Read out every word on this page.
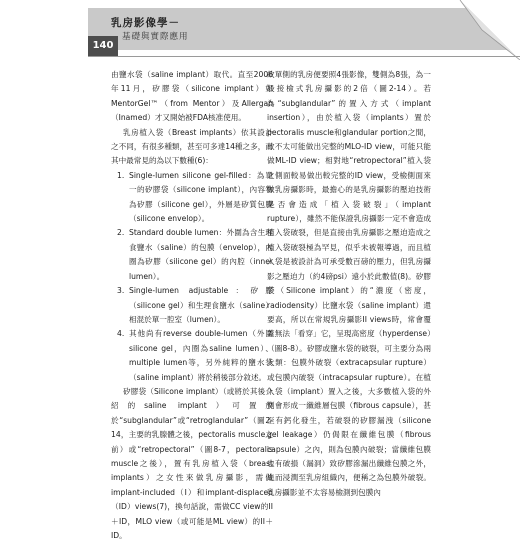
乳房影像學－
基礎與實際應用
140

由鹽水袋（saline implant）取代。直至2006年11月，矽膠袋（silicone implant）如MentorGel™（from Mentor）及Allergan（Inamed）才又開始被FDA核准使用。

乳房植入袋（Breast implants）依其設計之不同，有很多種類，甚至可多達14種之多，而其中最常見的為以下數種(6)：

1. Single-lumen silicone gel-filled：為單一的矽膠袋（silicone implant），內容物為矽膠（silicone gel），外層是矽質包膜（silicone envelop）。
2. Standard double lumen：外圍為含生理食鹽水（saline）的包膜（envelop），內圈為矽膠（silicone gel）的內腔（inner lumen）。
3. Single-lumen adjustable：矽膠（silicone gel）和生理食鹽水（saline）相混於單一腔室（lumen）。
4. 其他尚有reverse double-lumen（外圍silicone gel，內圈為saline lumen）、multiple lumen等，另外純粹的鹽水袋（saline implant）將於稍後部分敘述。

矽膠袋（Silicone implant）（或將於其後介紹的saline implant）可置放於“subglandular”或“retroglandular”（圖2-14，主要的乳腺體之後，pectoralis muscle之前）或“retropectoral”（圖8-7，pectoralis muscle之後），置有乳房植入袋（breast implants）之女性來做乳房攝影，需做implant-included（I）和implant-displaced（ID）views(7)，換句話說，需做CC view的II＋ID，MLO view（或可能是ML view）的II＋ID。

故單側的乳房便要照4張影像，雙側為8張，為一般接檢式乳房攝影的2倍（圖2-14）。若為“subglandular”的置入方式（implant insertion），由於植入袋（implants）置於pectoralis muscle和glandular portion之間，故不太可能做出完整的MLO-ID view，可能只能做ML-ID view；相對地“retropectoral”植入袋之側面較易做出較完整的ID view，受檢側面來做乳房攝影時，最擔心的是乳房攝影的壓迫技術是否會造成「植入袋破裂」（implant rupture），雖然不能保證乳房攝影一定不會造成植入袋破裂，但是直接由乳房攝影之壓迫造成之植入袋破裂極為罕見，似乎未被報導過，而且植入袋是被設計為可承受數百磅的壓力，但乳房攝影之壓迫力（約4磅psi）遠小於此數值(8)。矽膠袋（Silicone implant）的“濃度（密度，radiodensity）比鹽水袋（saline implant）還要高，所以在常規乳房攝影II views時，常會覆蓋無法「看穿」它，呈現高密度（hyperdense）（圖8-8）。矽膠或鹽水袋的破裂，可主要分為兩大類：包膜外破裂（extracapsular rupture）或包膜內破裂（intracapsular rupture）。在植入袋（implant）置入之後，大多數植入袋的外側會形成一纖維層包膜（fibrous capsule），甚至有鈣化發生，若破裂的矽膠漏洩（silicone gel leakage）仍侷限在纖維包膜（fibrous capsule）之內，則為包膜內破裂；當纖維包膜也有破損（漏洞）致矽膠滲漏出纖維包膜之外，進而浸潤至乳房組織內，便稱之為包膜外破裂。乳房攝影並不太容易檢測到包膜內
